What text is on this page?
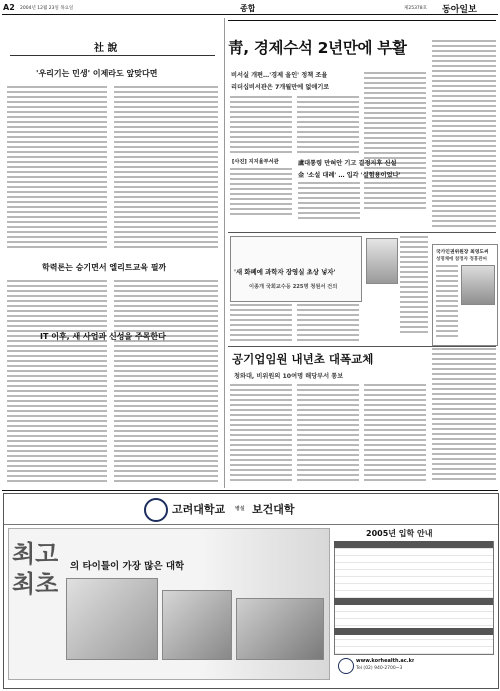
A2 2004년 12월 23일 목요일	종합	제25378호 동아일보
社 說
'우리기는 민생' 이제라도 앞맞다면
학력론는 승기면서 엘리트교육 필까
IT 이후, 새 사업과 신성을 주목한다
靑, 경제수석 2년만에 부활
비서실 개편…'경제 올인' 정책 조율
리더십비서관은 7개월만에 없애기로
[사진] 지지율부서관	盧대통령 만혀안 기고 결정지후 신설
金 '소설 대례' … 입각 '실험용이었나'
'새 화폐에 과학자 장영실 초상 넣자'
이종개 국회교수등 225명 청원서 건의
국가인권위원장 최영도씨
성명체에 참정자 정휴관씨
공기업임원 내년초 대폭교체
청와대, 비위원의 10여명 해당부서 통보
고려대학교 병설 보건대학
최고
최초
의 타이틀이 가장 많은 대학
2005년 입학 안내
www.korhealth.ac.kr
Tel (02) 940-2700~3
